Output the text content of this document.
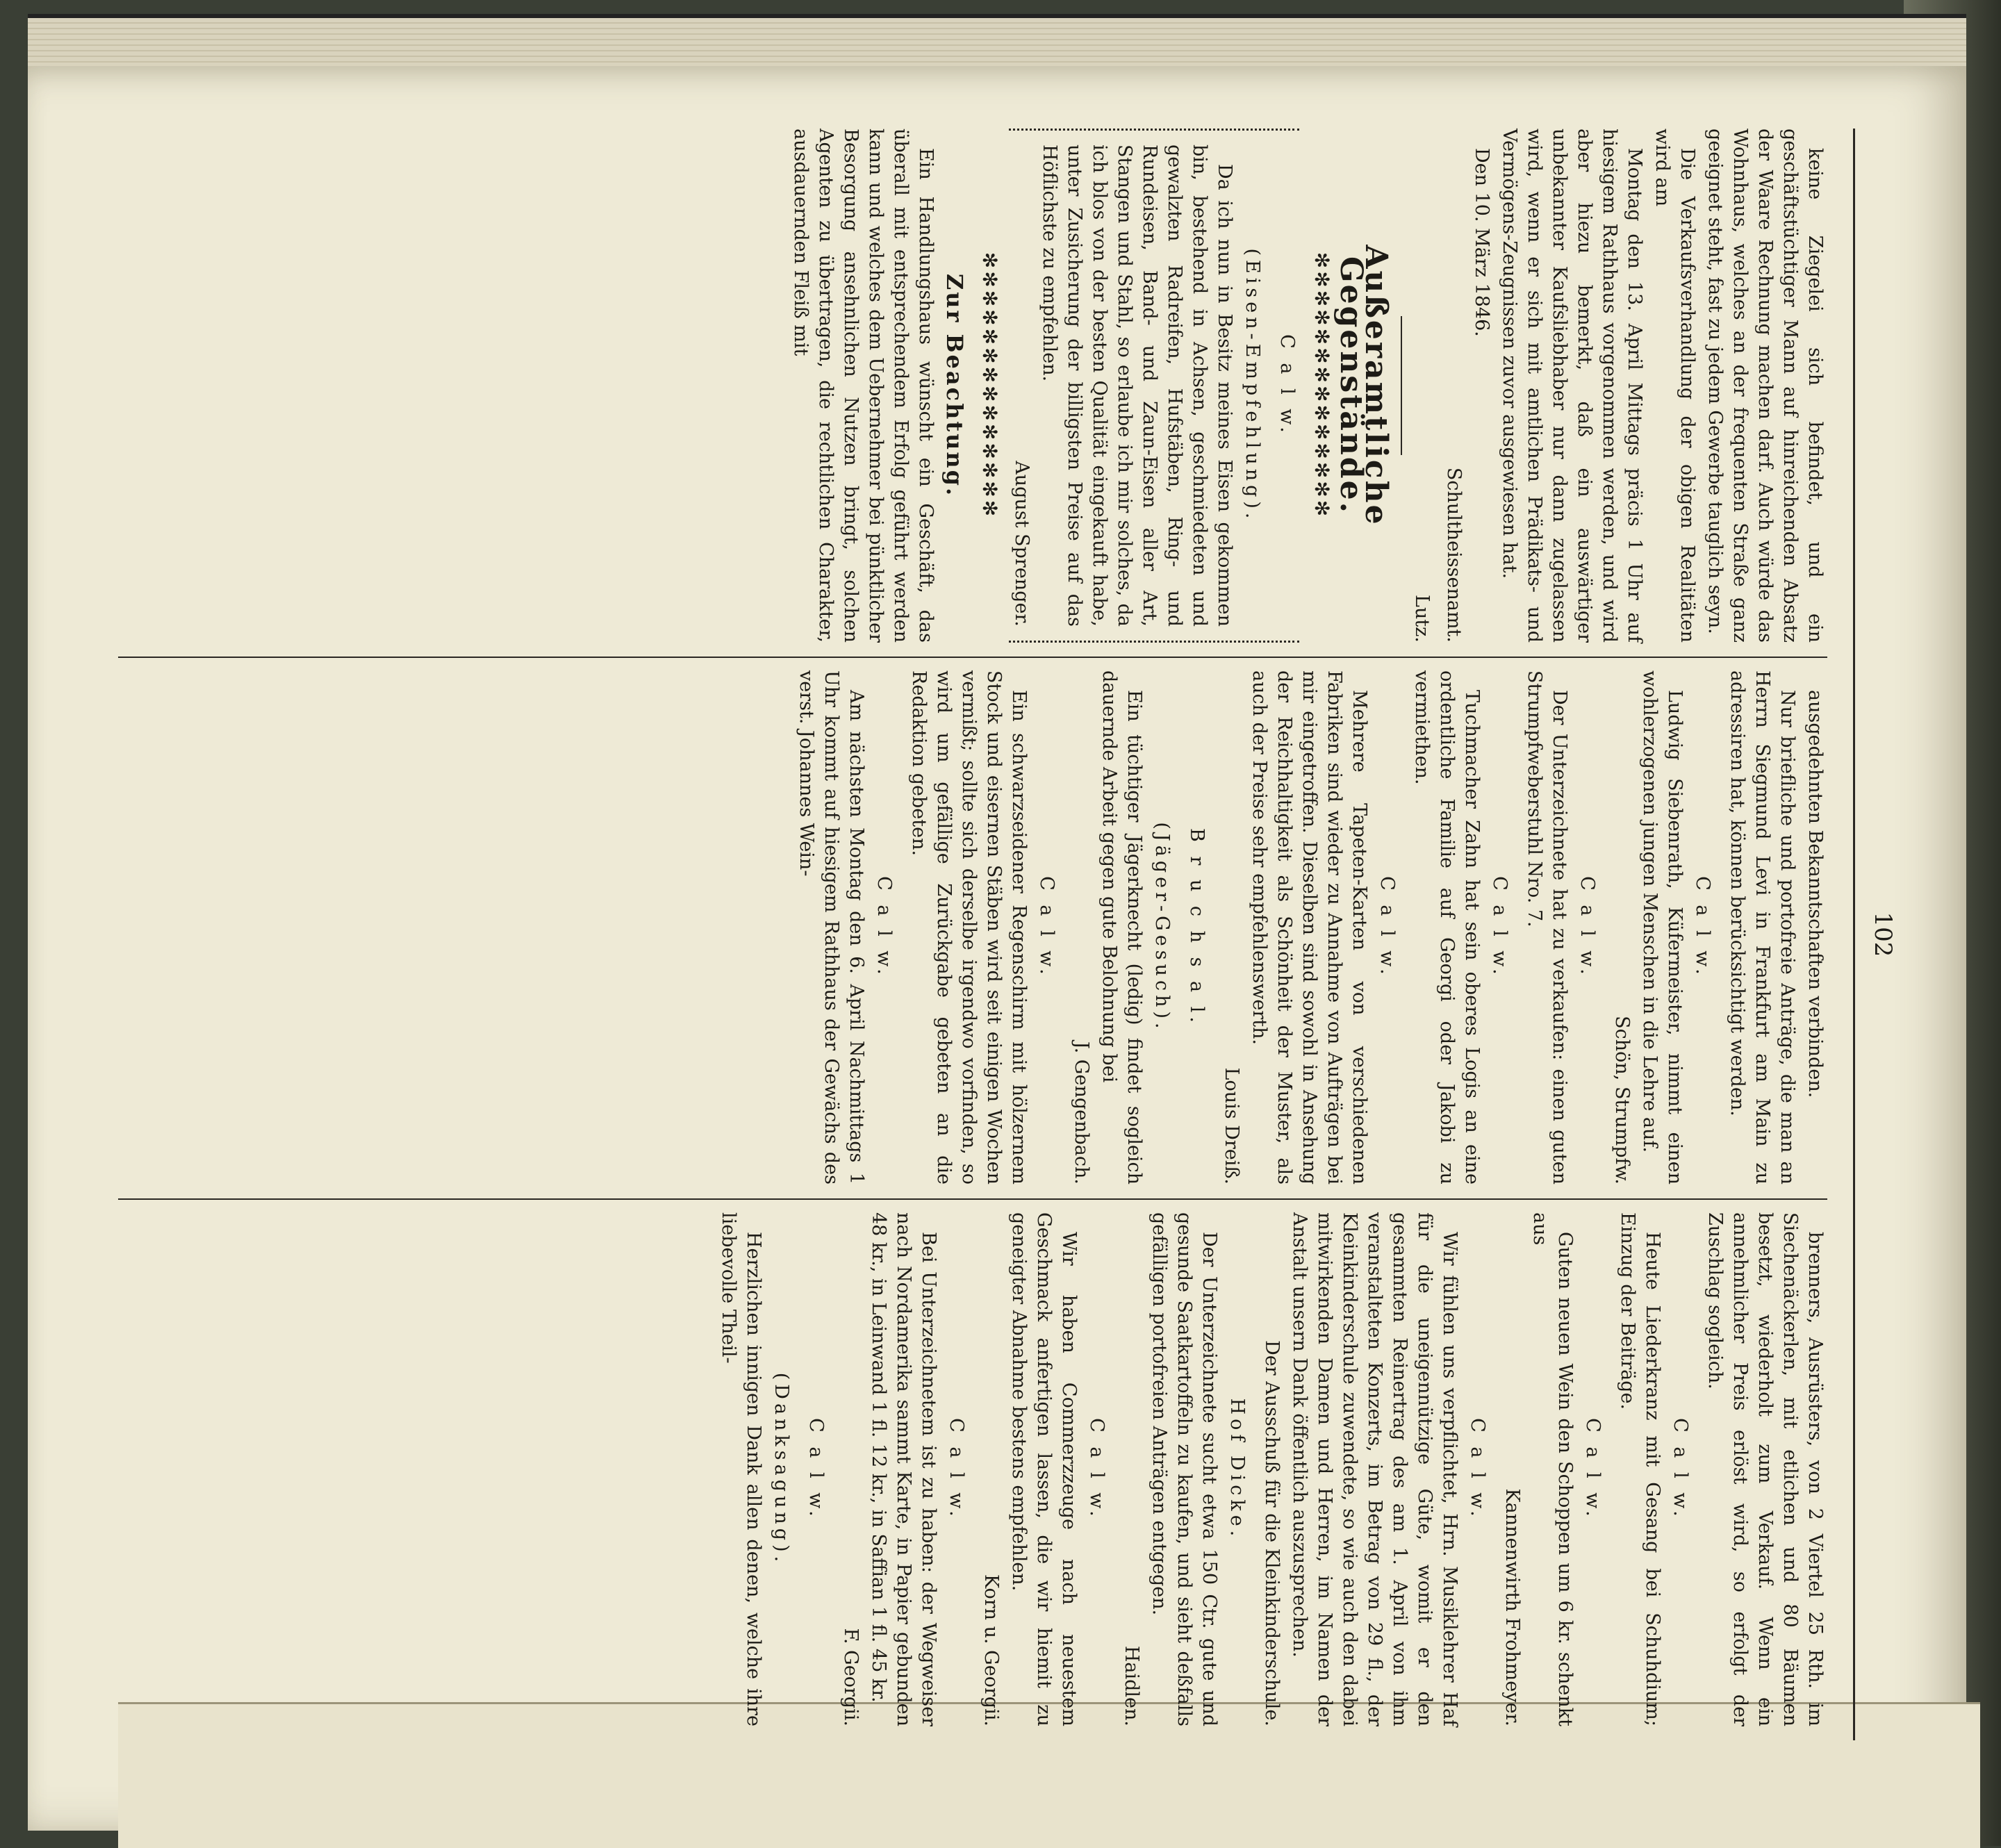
102

keine Ziegelei sich befindet, und ein geschäftstüchtiger Mann auf hinreichenden Absatz der Waare Rechnung machen darf. Auch würde das Wohnhaus, welches an der frequenten Straße ganz geeignet steht, fast zu jedem Gewerbe tauglich seyn.

Die Verkaufsverhandlung der obigen Realitäten wird am

Montag den 13. April Mittags präcis 1 Uhr auf hiesigem Rathhaus vorgenommen werden, und wird aber hiezu bemerkt, daß ein auswärtiger unbekannter Kaufsliebhaber nur dann zugelassen wird, wenn er sich mit amtlichen Prädikats- und Vermögens-Zeugnissen zuvor ausgewiesen hat.

Den 10. März 1846.

Schultheissenamt.

Lutz.

Außeramtliche Gegenstände.
✻✻✻✻✻✻✻✻✻✻✻✻✻✻
C a l w.
(Eisen-Empfehlung).

Da ich nun in Besitz meines Eisen gekommen bin, bestehend in Achsen, geschmiedeten und gewalzten Radreifen, Hufstäben, Ring- und Rundeisen, Band- und Zaun-Eisen aller Art, Stangen und Stahl, so erlaube ich mir solches, da ich blos von der besten Qualität eingekauft habe, unter Zusicherung der billigsten Preise auf das Höflichste zu empfehlen.

August Sprenger.

✻✻✻✻✻✻✻✻✻✻✻✻✻✻
Zur Beachtung.

Ein Handlungshaus wünscht ein Geschäft, das überall mit entsprechendem Erfolg geführt werden kann und welches dem Uebernehmer bei pünktlicher Besorgung ansehnlichen Nutzen bringt, solchen Agenten zu übertragen, die rechtlichen Charakter, ausdauernden Fleiß mit

ausgedehnten Bekanntschaften verbinden.

Nur briefliche und portofreie Anträge, die man an Herrn Siegmund Levi in Frankfurt am Main zu adressiren hat, können berücksichtigt werden.

C a l w.

Ludwig Siebenrath, Küfermeister, nimmt einen wohlerzogenen jungen Menschen in die Lehre auf.

Schön, Strumpfw.

C a l w.

Der Unterzeichnete hat zu verkaufen: einen guten Strumpfweberstuhl Nro. 7.

C a l w.

Tuchmacher Zahn hat sein oberes Logis an eine ordentliche Familie auf Georgi oder Jakobi zu vermiethen.

C a l w.

Mehrere Tapeten-Karten von verschiedenen Fabriken sind wieder zu Annahme von Aufträgen bei mir eingetroffen. Dieselben sind sowohl in Ansehung der Reichhaltigkeit als Schönheit der Muster, als auch der Preise sehr empfehlenswerth.

Louis Dreiß.

B r u c h s a l.
(Jäger-Gesuch).

Ein tüchtiger Jägerknecht (ledig) findet sogleich dauernde Arbeit gegen gute Belohnung bei

J. Gengenbach.

C a l w.

Ein schwarzseidener Regenschirm mit hölzernem Stock und eisernen Stäben wird seit einigen Wochen vermißt; sollte sich derselbe irgendwo vorfinden, so wird um gefällige Zurückgabe gebeten an die Redaktion gebeten.

C a l w.

Am nächsten Montag den 6. April Nachmittags 1 Uhr kommt auf hiesigem Rathhaus der Gewächs des verst. Johannes Wein-

brenners, Ausrüsters, von 2 Viertel 25 Rth. im Siechenäckerlen, mit etlichen und 80 Bäumen besetzt, wiederholt zum Verkauf. Wenn ein annehmlicher Preis erlöst wird, so erfolgt der Zuschlag sogleich.

C a l w.

Heute Liederkranz mit Gesang bei Schuhdium; Einzug der Beiträge.

C a l w.

Guten neuen Wein den Schoppen um 6 kr. schenkt aus

Kannenwirth Frohmeyer.

C a l w.

Wir fühlen uns verpflichtet, Hrn. Musiklehrer Haf für die uneigennützige Güte, womit er den gesammten Reinertrag des am 1. April von ihm veranstalteten Konzerts, im Betrag von 29 fl., der Kleinkinderschule zuwendete, so wie auch den dabei mitwirkenden Damen und Herren, im Namen der Anstalt unsern Dank öffentlich auszusprechen.

Der Ausschuß für die Kleinkinderschule.

Hof Dicke.

Der Unterzeichnete sucht etwa 150 Ctr. gute und gesunde Saatkartoffeln zu kaufen, und sieht deßfalls gefälligen portofreien Anträgen entgegen.

Haidlen.

C a l w.

Wir haben Commerzzeuge nach neuestem Geschmack anfertigen lassen, die wir hiemit zu geneigter Abnahme bestens empfehlen.

Korn u. Georgii.

C a l w.

Bei Unterzeichnetem ist zu haben: der Wegweiser nach Nordamerika sammt Karte, in Papier gebunden 48 kr., in Leinwand 1 fl. 12 kr., in Saffian 1 fl. 45 kr.

F. Georgii.

C a l w.
(Danksagung).

Herzlichen innigen Dank allen denen, welche ihre liebevolle Theil-
